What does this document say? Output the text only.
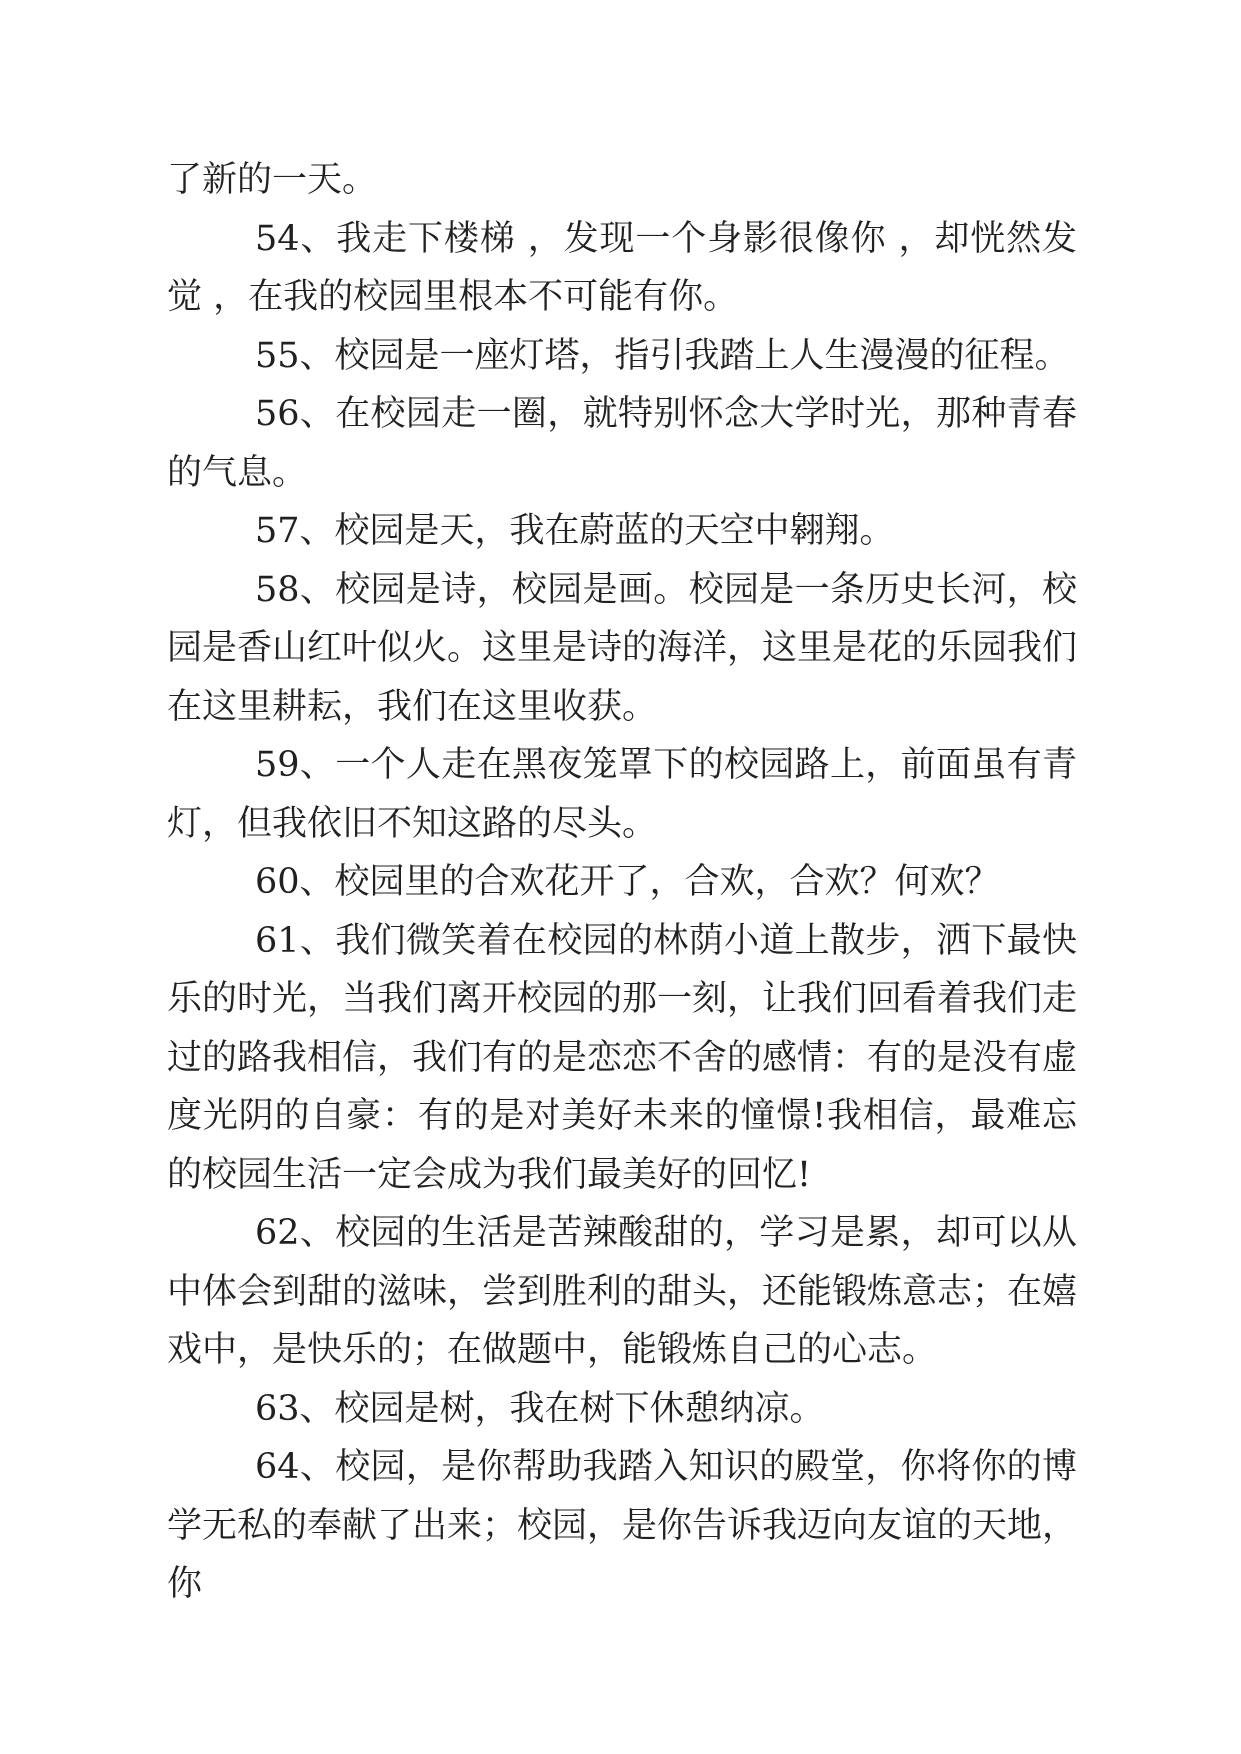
了新的一天。

54、我走下楼梯 ，发现一个身影很像你 ，却恍然发觉 ，在我的校园里根本不可能有你。

55、校园是一座灯塔，指引我踏上人生漫漫的征程。

56、在校园走一圈，就特别怀念大学时光，那种青春的气息。

57、校园是天，我在蔚蓝的天空中翱翔。

58、校园是诗，校园是画。校园是一条历史长河，校园是香山红叶似火。这里是诗的海洋，这里是花的乐园我们在这里耕耘，我们在这里收获。

59、一个人走在黑夜笼罩下的校园路上，前面虽有青灯，但我依旧不知这路的尽头。

60、校园里的合欢花开了，合欢，合欢？何欢？

61、我们微笑着在校园的林荫小道上散步，洒下最快乐的时光，当我们离开校园的那一刻，让我们回看着我们走过的路我相信，我们有的是恋恋不舍的感情：有的是没有虚度光阴的自豪：有的是对美好未来的憧憬!我相信，最难忘的校园生活一定会成为我们最美好的回忆!

62、校园的生活是苦辣酸甜的，学习是累，却可以从中体会到甜的滋味，尝到胜利的甜头，还能锻炼意志；在嬉戏中，是快乐的；在做题中，能锻炼自己的心志。

63、校园是树，我在树下休憩纳凉。

64、校园，是你帮助我踏入知识的殿堂，你将你的博学无私的奉献了出来；校园，是你告诉我迈向友谊的天地，你
